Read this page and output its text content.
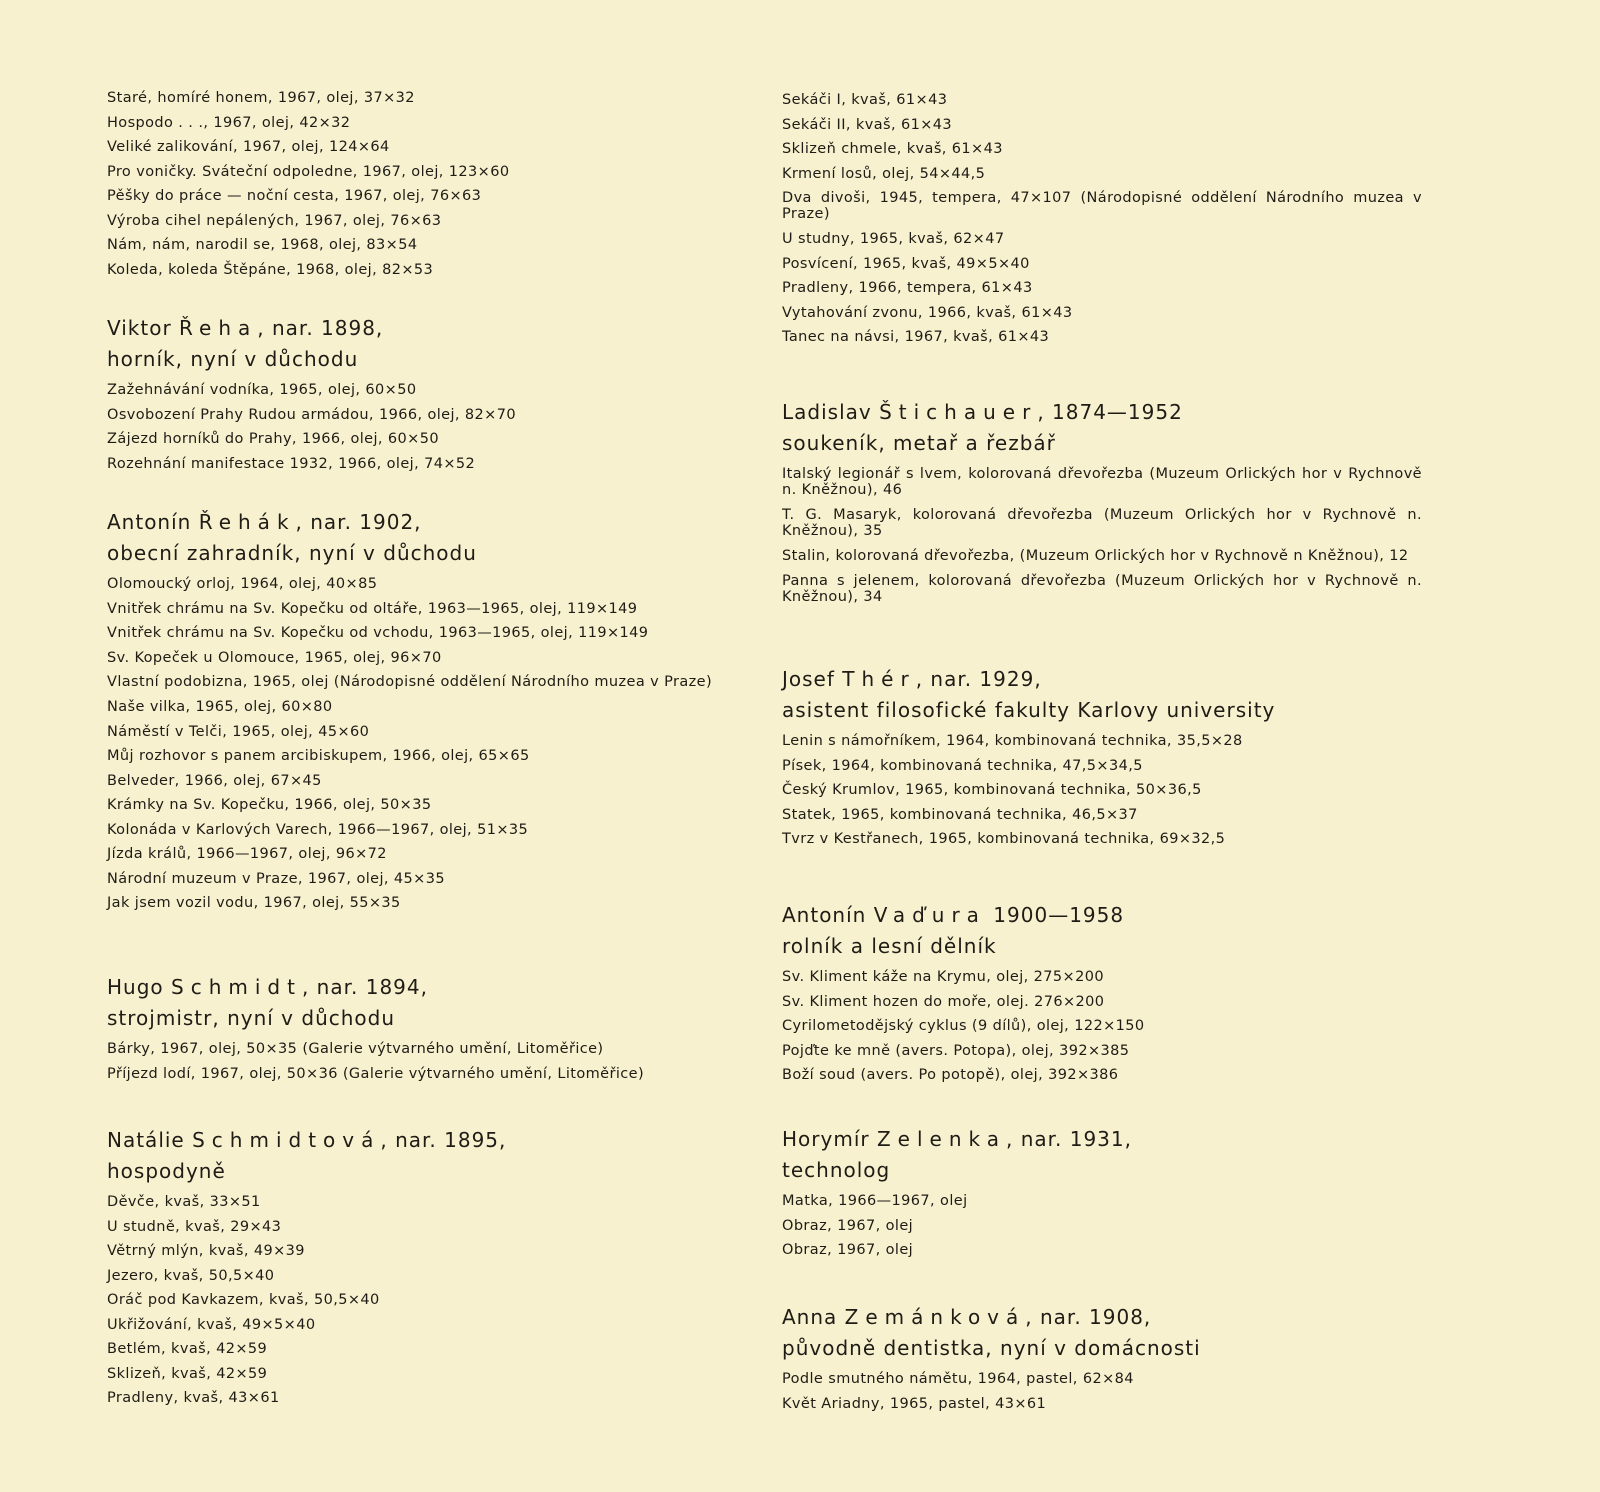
Staré, homíré honem, 1967, olej, 37×32
Hospodo . . ., 1967, olej, 42×32
Veliké zalikování, 1967, olej, 124×64
Pro voničky. Sváteční odpoledne, 1967, olej, 123×60
Pěšky do práce — noční cesta, 1967, olej, 76×63
Výroba cihel nepálených, 1967, olej, 76×63
Nám, nám, narodil se, 1968, olej, 83×54
Koleda, koleda Štěpáne, 1968, olej, 82×53
Viktor Řeha, nar. 1898,
horník, nyní v důchodu
Zažehnávání vodníka, 1965, olej, 60×50
Osvobození Prahy Rudou armádou, 1966, olej, 82×70
Zájezd horníků do Prahy, 1966, olej, 60×50
Rozehnání manifestace 1932, 1966, olej, 74×52
Antonín Řehák, nar. 1902,
obecní zahradník, nyní v důchodu
Olomoucký orloj, 1964, olej, 40×85
Vnitřek chrámu na Sv. Kopečku od oltáře, 1963—1965, olej, 119×149
Vnitřek chrámu na Sv. Kopečku od vchodu, 1963—1965, olej, 119×149
Sv. Kopeček u Olomouce, 1965, olej, 96×70
Vlastní podobizna, 1965, olej (Národopisné oddělení Národního muzea v Praze)
Naše vilka, 1965, olej, 60×80
Náměstí v Telči, 1965, olej, 45×60
Můj rozhovor s panem arcibiskupem, 1966, olej, 65×65
Belveder, 1966, olej, 67×45
Krámky na Sv. Kopečku, 1966, olej, 50×35
Kolonáda v Karlových Varech, 1966—1967, olej, 51×35
Jízda králů, 1966—1967, olej, 96×72
Národní muzeum v Praze, 1967, olej, 45×35
Jak jsem vozil vodu, 1967, olej, 55×35
Hugo Schmidt, nar. 1894,
strojmistr, nyní v důchodu
Bárky, 1967, olej, 50×35 (Galerie výtvarného umění, Litoměřice)
Příjezd lodí, 1967, olej, 50×36 (Galerie výtvarného umění, Litoměřice)
Natálie Schmidtová, nar. 1895,
hospodyně
Děvče, kvaš, 33×51
U studně, kvaš, 29×43
Větrný mlýn, kvaš, 49×39
Jezero, kvaš, 50,5×40
Oráč pod Kavkazem, kvaš, 50,5×40
Ukřižování, kvaš, 49×5×40
Betlém, kvaš, 42×59
Sklizeň, kvaš, 42×59
Pradleny, kvaš, 43×61
Sekáči I, kvaš, 61×43
Sekáči II, kvaš, 61×43
Sklizeň chmele, kvaš, 61×43
Krmení losů, olej, 54×44,5
Dva divoši, 1945, tempera, 47×107 (Národopisné oddělení Národního muzea v Praze)
U studny, 1965, kvaš, 62×47
Posvícení, 1965, kvaš, 49×5×40
Pradleny, 1966, tempera, 61×43
Vytahování zvonu, 1966, kvaš, 61×43
Tanec na návsi, 1967, kvaš, 61×43
Ladislav Štichauer, 1874—1952
soukeník, metař a řezbář
Italský legionář s lvem, kolorovaná dřevořezba (Muzeum Orlických hor v Rychnově n. Kněžnou), 46
T. G. Masaryk, kolorovaná dřevořezba (Muzeum Orlických hor v Rychnově n. Kněžnou), 35
Stalin, kolorovaná dřevořezba, (Muzeum Orlických hor v Rychnově n Kněžnou), 12
Panna s jelenem, kolorovaná dřevořezba (Muzeum Orlických hor v Rychnově n. Kněžnou), 34
Josef Thér, nar. 1929,
asistent filosofické fakulty Karlovy university
Lenin s námořníkem, 1964, kombinovaná technika, 35,5×28
Písek, 1964, kombinovaná technika, 47,5×34,5
Český Krumlov, 1965, kombinovaná technika, 50×36,5
Statek, 1965, kombinovaná technika, 46,5×37
Tvrz v Kestřanech, 1965, kombinovaná technika, 69×32,5
Antonín Vaďura 1900—1958
rolník a lesní dělník
Sv. Kliment káže na Krymu, olej, 275×200
Sv. Kliment hozen do moře, olej. 276×200
Cyrilometodějský cyklus (9 dílů), olej, 122×150
Pojďte ke mně (avers. Potopa), olej, 392×385
Boží soud (avers. Po potopě), olej, 392×386
Horymír Zelenka, nar. 1931,
technolog
Matka, 1966—1967, olej
Obraz, 1967, olej
Obraz, 1967, olej
Anna Zemánková, nar. 1908,
původně dentistka, nyní v domácnosti
Podle smutného námětu, 1964, pastel, 62×84
Květ Ariadny, 1965, pastel, 43×61
